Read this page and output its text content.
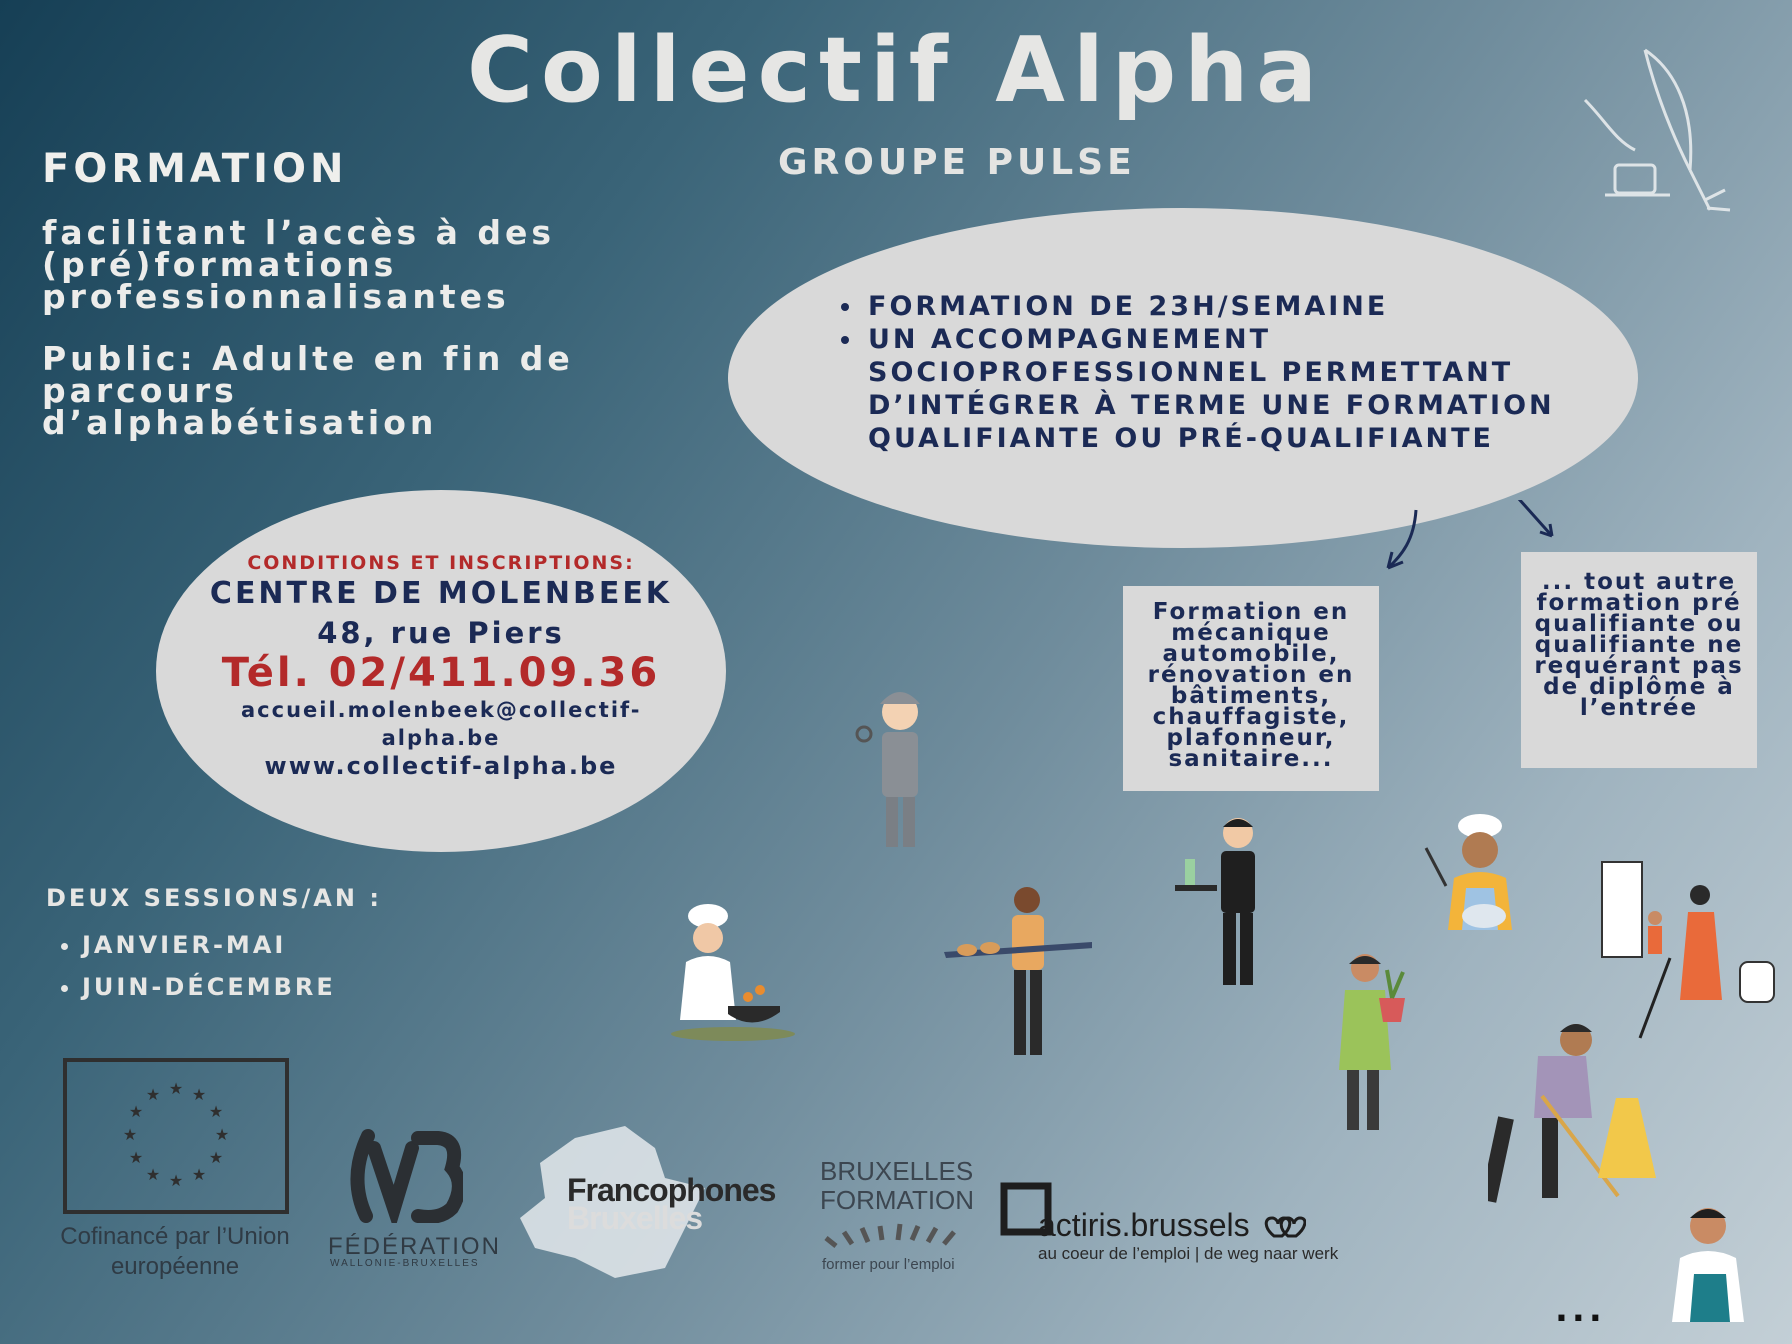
Collectif Alpha
GROUPE PULSE
FORMATION

facilitant l’accès à des (pré)formations professionnalisantes

Public: Adulte en fin de parcours d’alphabétisation

• FORMATION DE 23H/SEMAINE
• UN ACCOMPAGNEMENT SOCIOPROFESSIONNEL PERMETTANT D’INTÉGRER À TERME UNE FORMATION QUALIFIANTE OU PRÉ-QUALIFIANTE
CONDITIONS ET INSCRIPTIONS:
CENTRE DE MOLENBEEK
48, rue Piers
Tél. 02/411.09.36
accueil.molenbeek@collectif-alpha.be
www.collectif-alpha.be
Formation en mécanique automobile, rénovation en bâtiments, chauffagiste, plafonneur, sanitaire...
... tout autre formation pré qualifiante ou qualifiante ne requérant pas de diplôme à l’entrée
DEUX SESSIONS/AN :
• JANVIER-MAI
• JUIN-DÉCEMBRE
★ ★
★
★
★
★
★
★
★
★
★
★
Cofinancé par l’Union européenne
FÉDÉRATION
WALLONIE-BRUXELLES
Francophones
Bruxelles
BRUXELLES
FORMATION
former pour l’emploi
actiris.brussels
au coeur de l’emploi | de weg naar werk
...
